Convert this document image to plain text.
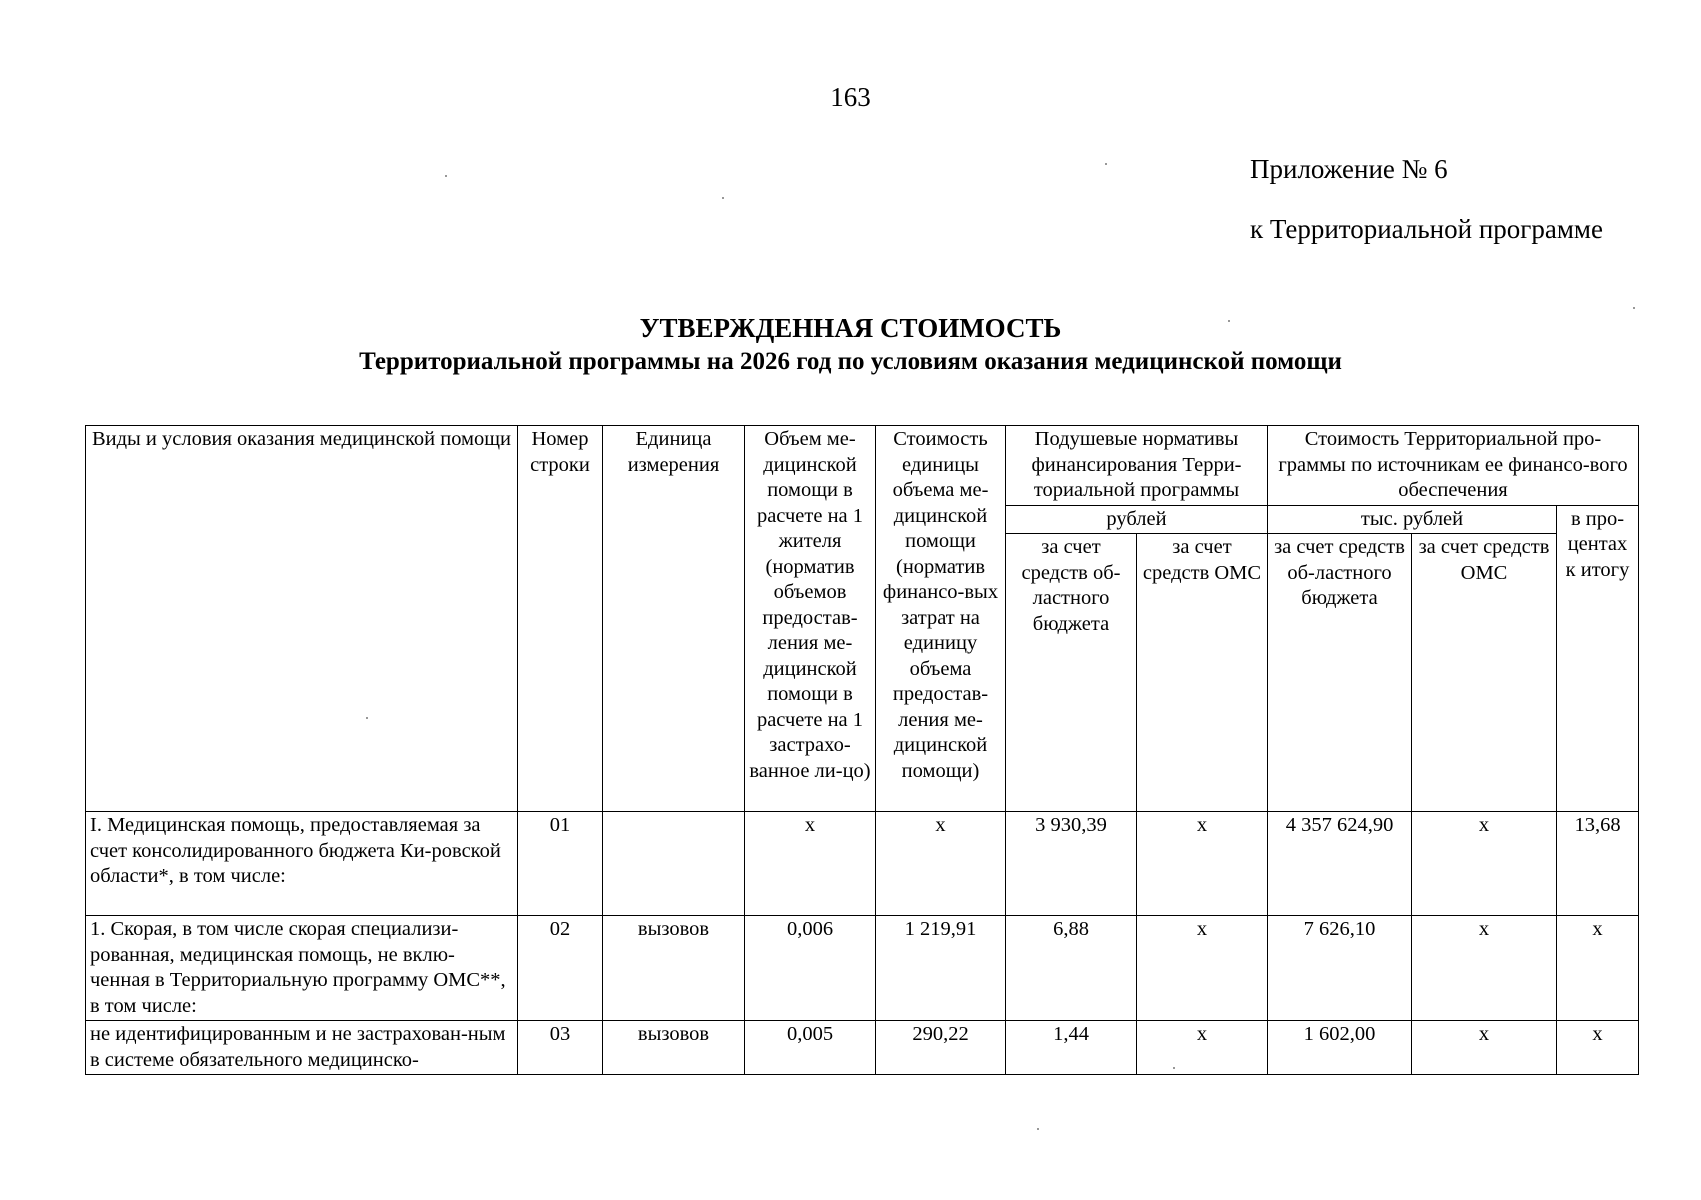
163
Приложение № 6
к Территориальной программе
УТВЕРЖДЕННАЯ СТОИМОСТЬ
Территориальной программы на 2026 год по условиям оказания медицинской помощи
Виды и условия оказания медицинской помощи	Номер строки	Единица измерения	Объем ме-дицинской помощи в расчете на 1 жителя (норматив объемов предостав-ления ме-дицинской помощи в расчете на 1 застрахо-ванное ли-цо)	Стоимость единицы объема ме-дицинской помощи (норматив финансо-вых затрат на единицу объема предостав-ления ме-дицинской помощи)	Подушевые нормативы финансирования Терри-ториальной программы		Стоимость Территориальной про-граммы по источникам ее финансо-вого обеспечения		
					рублей		тыс. рублей		в про-центах к итогу
					за счет средств об-ластного бюджета	за счет средств ОМС	за счет средств об-ластного бюджета	за счет средств ОМС	
I. Медицинская помощь, предоставляемая за счет консолидированного бюджета Ки-ровской области*, в том числе:	01		х	х	3 930,39	х	4 357 624,90	х	13,68
1. Скорая, в том числе скорая специализи-рованная, медицинская помощь, не вклю-ченная в Территориальную программу ОМС**, в том числе:	02	вызовов	0,006	1 219,91	6,88	х	7 626,10	х	х
не идентифицированным и не застрахован-ным в системе обязательного медицинско-	03	вызовов	0,005	290,22	1,44	х	1 602,00	х	х
